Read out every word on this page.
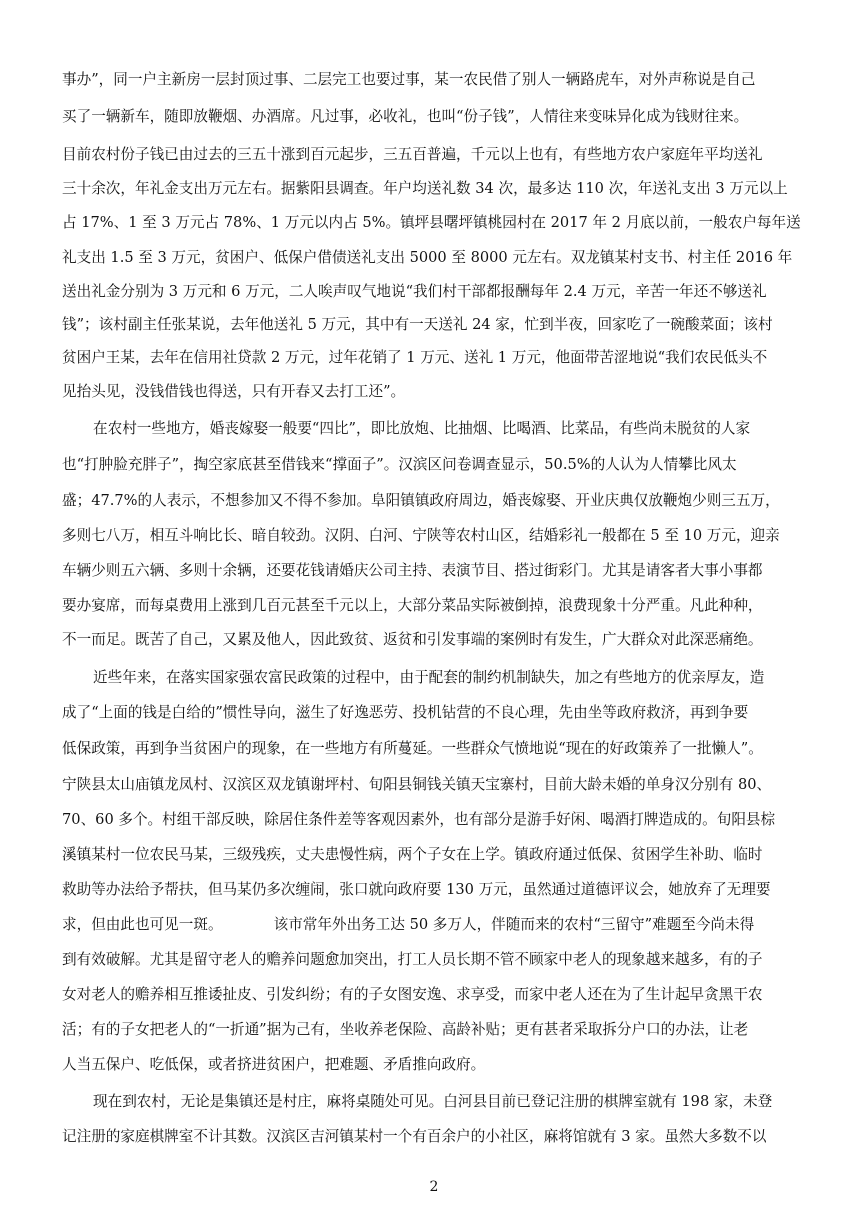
事办”，同一户主新房一层封顶过事、二层完工也要过事，某一农民借了别人一辆路虎车，对外声称说是自己
买了一辆新车，随即放鞭烟、办酒席。凡过事，必收礼，也叫“份子钱”，人情往来变味异化成为钱财往来。
目前农村份子钱已由过去的三五十涨到百元起步，三五百普遍，千元以上也有，有些地方农户家庭年平均送礼
三十余次，年礼金支出万元左右。据紫阳县调查。年户均送礼数 34 次，最多达 110 次，年送礼支出 3 万元以上
占 17%、1 至 3 万元占 78%、1 万元以内占 5%。镇坪县曙坪镇桃园村在 2017 年 2 月底以前，一般农户每年送
礼支出 1.5 至 3 万元，贫困户、低保户借债送礼支出 5000 至 8000 元左右。双龙镇某村支书、村主任 2016 年
送出礼金分别为 3 万元和 6 万元，二人唉声叹气地说“我们村干部都报酬每年 2.4 万元，辛苦一年还不够送礼
钱”；该村副主任张某说，去年他送礼 5 万元，其中有一天送礼 24 家，忙到半夜，回家吃了一碗酸菜面；该村
贫困户王某，去年在信用社贷款 2 万元，过年花销了 1 万元、送礼 1 万元，他面带苦涩地说“我们农民低头不
见抬头见，没钱借钱也得送，只有开春又去打工还”。
在农村一些地方，婚丧嫁娶一般要“四比”，即比放炮、比抽烟、比喝酒、比菜品，有些尚未脱贫的人家
也“打肿脸充胖子”，掏空家底甚至借钱来“撑面子”。汉滨区问卷调查显示，50.5%的人认为人情攀比风太
盛；47.7%的人表示，不想参加又不得不参加。阜阳镇镇政府周边，婚丧嫁娶、开业庆典仅放鞭炮少则三五万，
多则七八万，相互斗响比长、暗自较劲。汉阴、白河、宁陕等农村山区，结婚彩礼一般都在 5 至 10 万元，迎亲
车辆少则五六辆、多则十余辆，还要花钱请婚庆公司主持、表演节目、搭过街彩门。尤其是请客者大事小事都
要办宴席，而每桌费用上涨到几百元甚至千元以上，大部分菜品实际被倒掉，浪费现象十分严重。凡此种种，
不一而足。既苦了自己，又累及他人，因此致贫、返贫和引发事端的案例时有发生，广大群众对此深恶痛绝。
近些年来，在落实国家强农富民政策的过程中，由于配套的制约机制缺失，加之有些地方的优亲厚友，造
成了“上面的钱是白给的”惯性导向，滋生了好逸恶劳、投机钻营的不良心理，先由坐等政府救济，再到争要
低保政策，再到争当贫困户的现象，在一些地方有所蔓延。一些群众气愤地说“现在的好政策养了一批懒人”。
宁陕县太山庙镇龙凤村、汉滨区双龙镇谢坪村、旬阳县铜钱关镇天宝寨村，目前大龄未婚的单身汉分别有 80、
70、60 多个。村组干部反映，除居住条件差等客观因素外，也有部分是游手好闲、喝酒打牌造成的。旬阳县棕
溪镇某村一位农民马某，三级残疾，丈夫患慢性病，两个子女在上学。镇政府通过低保、贫困学生补助、临时
救助等办法给予帮扶，但马某仍多次缠闹，张口就向政府要 130 万元，虽然通过道德评议会，她放弃了无理要
求，但由此也可见一斑。　　　　该市常年外出务工达 50 多万人，伴随而来的农村“三留守”难题至今尚未得
到有效破解。尤其是留守老人的赡养问题愈加突出，打工人员长期不管不顾家中老人的现象越来越多，有的子
女对老人的赡养相互推诿扯皮、引发纠纷；有的子女图安逸、求享受，而家中老人还在为了生计起早贪黑干农
活；有的子女把老人的“一折通”据为己有，坐收养老保险、高龄补贴；更有甚者采取拆分户口的办法，让老
人当五保户、吃低保，或者挤进贫困户，把难题、矛盾推向政府。
现在到农村，无论是集镇还是村庄，麻将桌随处可见。白河县目前已登记注册的棋牌室就有 198 家，未登
记注册的家庭棋牌室不计其数。汉滨区吉河镇某村一个有百余户的小社区，麻将馆就有 3 家。虽然大多数不以
2
